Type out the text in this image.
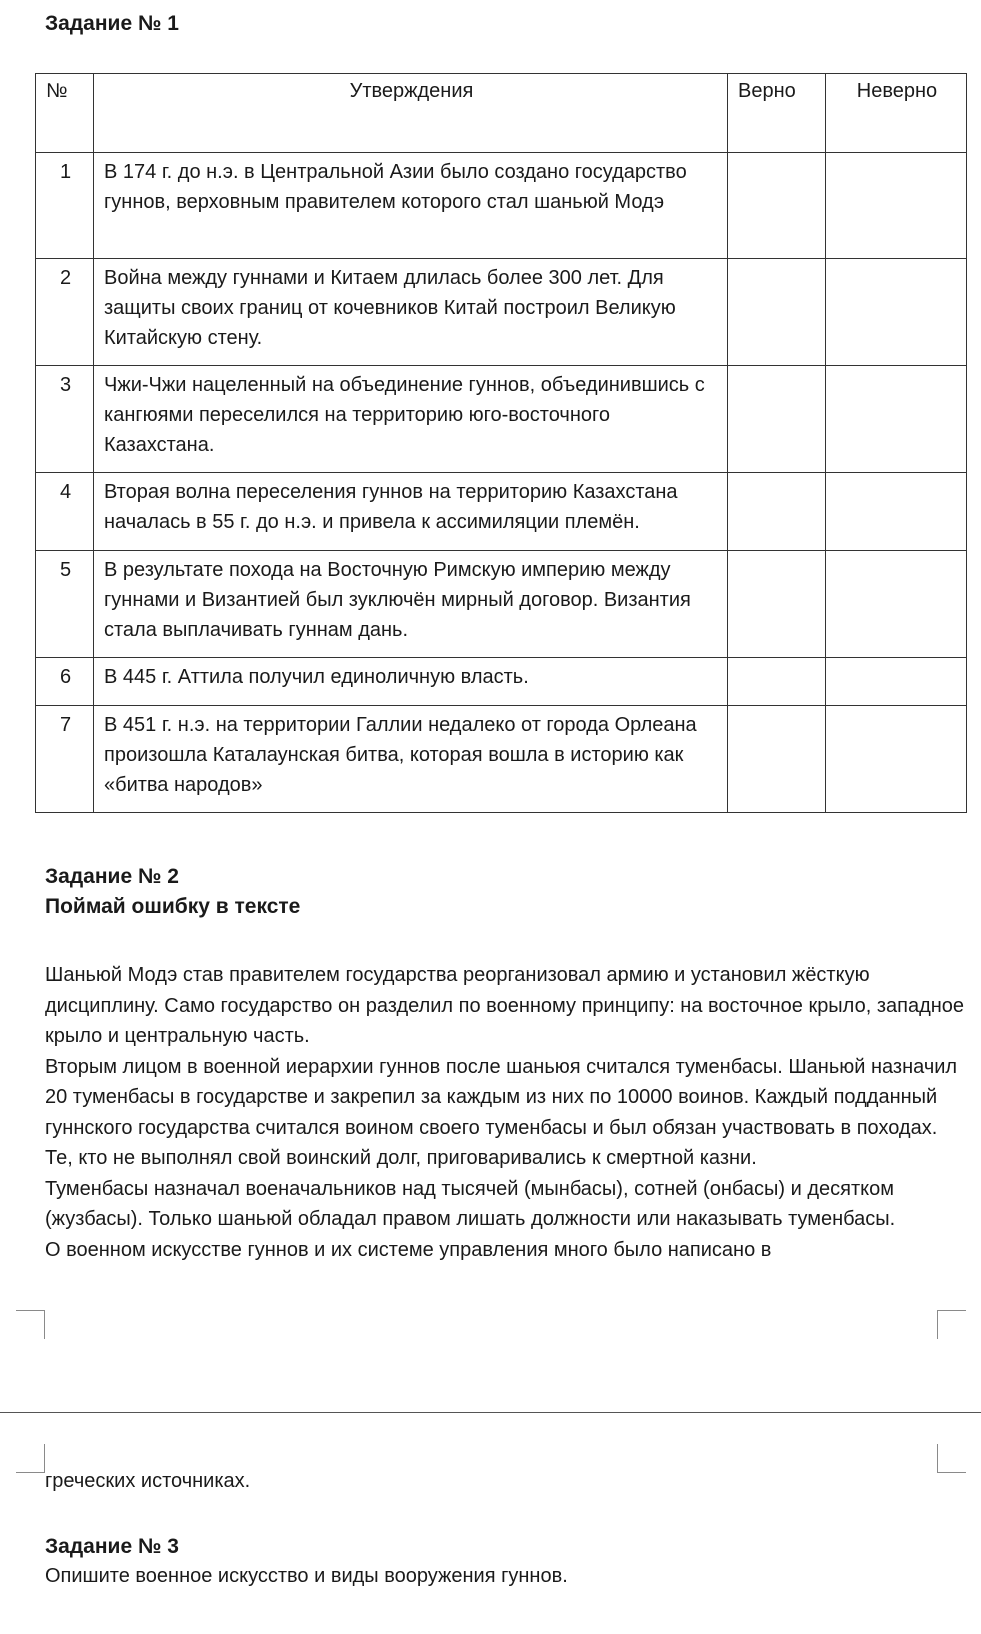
Задание № 1
№	Утверждения	Верно	Неверно
1	В 174 г. до н.э. в Центральной Азии было создано государство гуннов, верховным правителем которого стал шаньюй Модэ		
2	Война между гуннами и Китаем длилась более 300 лет. Для защиты своих границ от кочевников Китай построил Великую Китайскую стену.		
3	Чжи-Чжи нацеленный на объединение гуннов, объединившись с кангюями переселился на территорию юго-восточного Казахстана.		
4	Вторая волна переселения гуннов на территорию Казахстана началась в 55 г. до н.э. и привела к ассимиляции племён.		
5	В результате похода на Восточную Римскую империю между гуннами и Византией был зуключён мирный договор. Византия стала выплачивать гуннам дань.		
6	В 445 г. Аттила получил единоличную власть.		
7	В 451 г. н.э. на территории Галлии недалеко от города Орлеана произошла Каталаунская битва, которая вошла в историю как «битва народов»		
Задание № 2
Поймай ошибку в тексте
Шаньюй Модэ став правителем государства реорганизовал армию и установил жёсткую дисциплину. Само государство он разделил по военному принципу: на восточное крыло, западное крыло и центральную часть.
Вторым лицом в военной иерархии гуннов после шаньюя считался туменбасы. Шаньюй назначил 20 туменбасы в государстве и закрепил за каждым из них по 10000 воинов. Каждый подданный гуннского государства считался воином своего туменбасы и был обязан участвовать в походах. Те, кто не выполнял свой воинский долг, приговаривались к смертной казни.
Туменбасы назначал военачальников над тысячей (мынбасы), сотней (онбасы) и десятком (жузбасы). Только шаньюй обладал правом лишать должности или наказывать туменбасы.
О военном искусстве гуннов и их системе управления много было написано в
греческих источниках.
Задание № 3
Опишите военное искусство и виды вооружения гуннов.
